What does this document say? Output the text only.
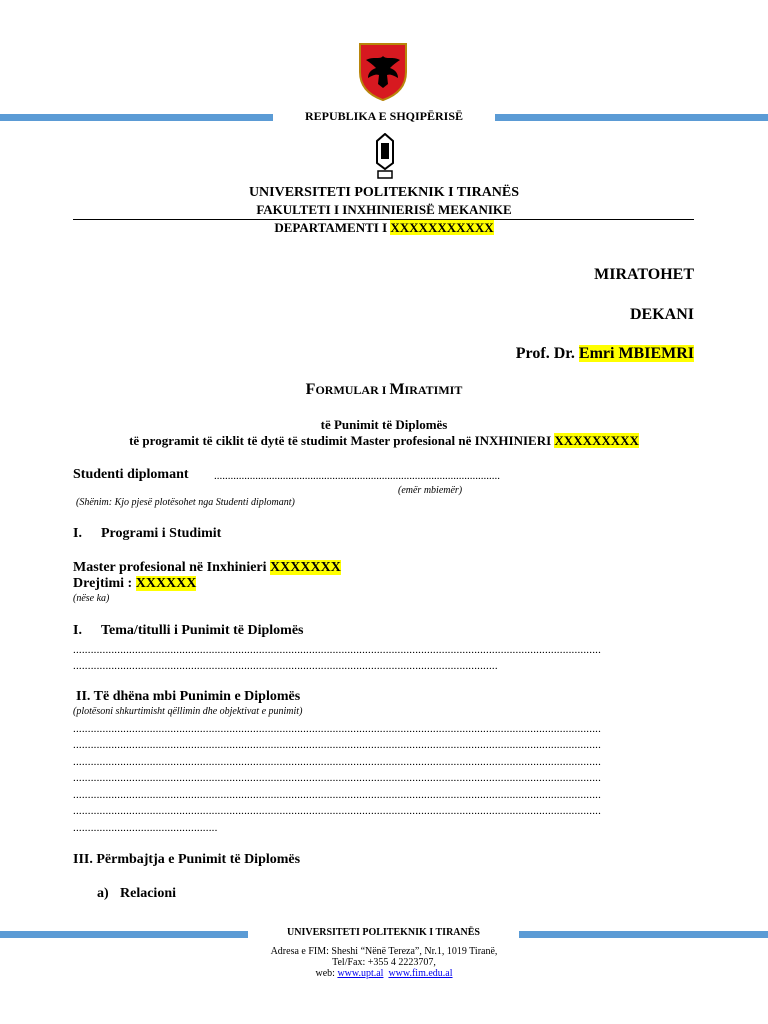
REPUBLIKA E SHQIPËRISË
UNIVERSITETI POLITEKNIK I TIRANËS
FAKULTETI I INXHINIERISË MEKANIKE
DEPARTAMENTI I XXXXXXXXXXX
MIRATOHET
DEKANI
Prof. Dr. Emri MBIEMRI
FORMULAR I MIRATIMIT
të Punimit të Diplomës
të programit të ciklit të dytë të studimit Master profesional në INXHINIERI XXXXXXXXX
Studenti diplomant ........................................................................................................
(emër mbiemër)
(Shënim: Kjo pjesë plotësohet nga Studenti diplomant)
I. Programi i Studimit
Master profesional në Inxhinieri XXXXXXX
Drejtimi : XXXXXX
(nëse ka)
I. Tema/titulli i Punimit të Diplomës
...................................................................................................................................................................................
................................................................................................................................................
II. Të dhëna mbi Punimin e Diplomës
(plotësoni shkurtimisht qëllimin dhe objektivat e punimit)
...................................................................................................................................................................................
...................................................................................................................................................................................
...................................................................................................................................................................................
...................................................................................................................................................................................
...................................................................................................................................................................................
...................................................................................................................................................................................
.................................................
III. Përmbajtja e Punimit të Diplomës
a) Relacioni
UNIVERSITETI POLITEKNIK I TIRANËS
Adresa e FIM: Sheshi “Nënë Tereza”, Nr.1, 1019 Tiranë,
Tel/Fax: +355 4 2223707,
web: www.upt.al www.fim.edu.al
